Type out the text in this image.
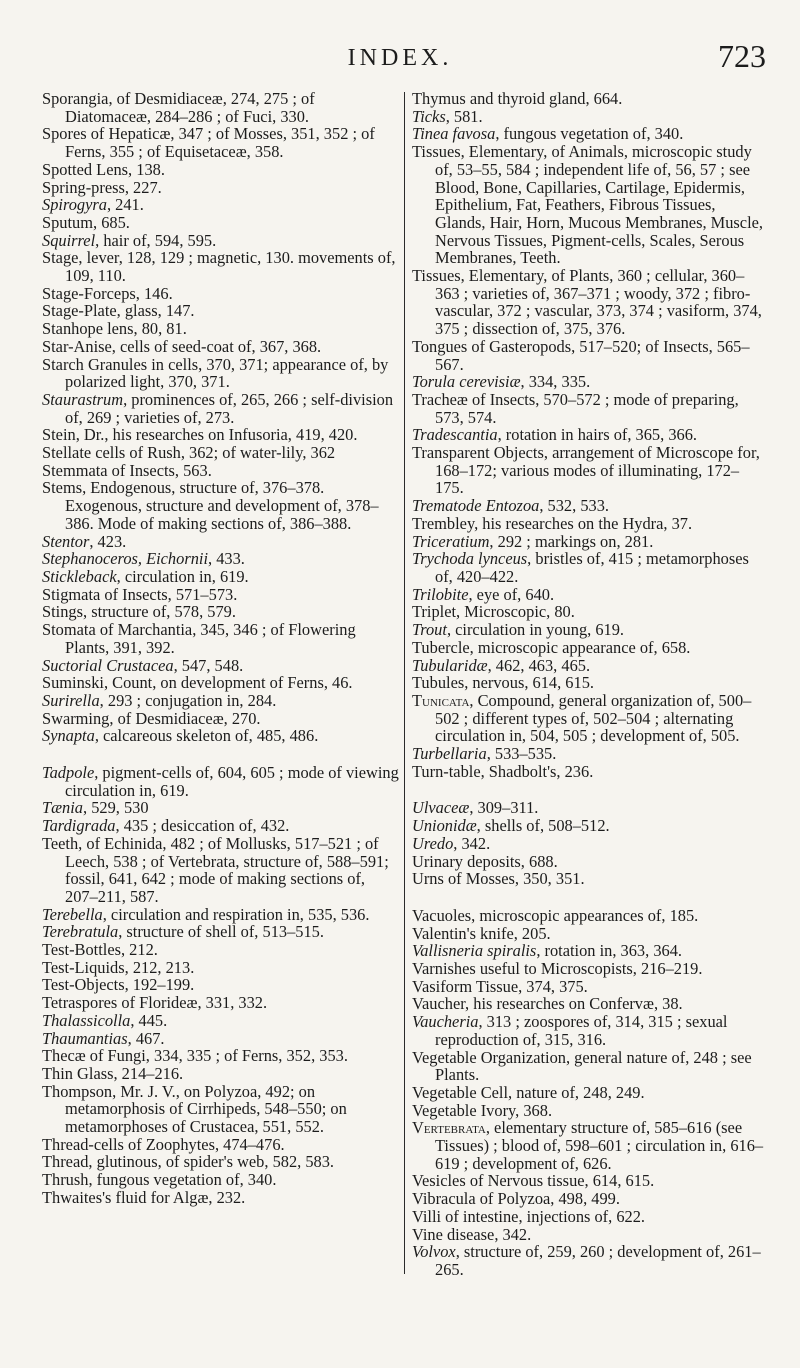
INDEX.	723
Sporangia, of Desmidiaceæ, 274, 275 ; of Diatomaceæ, 284–286 ; of Fuci, 330.
Spores of Hepaticæ, 347 ; of Mosses, 351, 352 ; of Ferns, 355 ; of Equisetaceæ, 358.
Spotted Lens, 138.
Spring-press, 227.
Spirogyra, 241.
Sputum, 685.
Squirrel, hair of, 594, 595.
Stage, lever, 128, 129 ; magnetic, 130. movements of, 109, 110.
Stage-Forceps, 146.
Stage-Plate, glass, 147.
Stanhope lens, 80, 81.
Star-Anise, cells of seed-coat of, 367, 368.
Starch Granules in cells, 370, 371; appearance of, by polarized light, 370, 371.
Staurastrum, prominences of, 265, 266 ; self-division of, 269 ; varieties of, 273.
Stein, Dr., his researches on Infusoria, 419, 420.
Stellate cells of Rush, 362; of water-lily, 362
Stemmata of Insects, 563.
Stems, Endogenous, structure of, 376–378. Exogenous, structure and development of, 378–386. Mode of making sections of, 386–388.
Stentor, 423.
Stephanoceros, Eichornii, 433.
Stickleback, circulation in, 619.
Stigmata of Insects, 571–573.
Stings, structure of, 578, 579.
Stomata of Marchantia, 345, 346 ; of Flowering Plants, 391, 392.
Suctorial Crustacea, 547, 548.
Suminski, Count, on development of Ferns, 46.
Surirella, 293 ; conjugation in, 284.
Swarming, of Desmidiaceæ, 270.
Synapta, calcareous skeleton of, 485, 486.
Tadpole, pigment-cells of, 604, 605 ; mode of viewing circulation in, 619.
Tænia, 529, 530
Tardigrada, 435 ; desiccation of, 432.
Teeth, of Echinida, 482 ; of Mollusks, 517–521 ; of Leech, 538 ; of Vertebrata, structure of, 588–591; fossil, 641, 642 ; mode of making sections of, 207–211, 587.
Terebella, circulation and respiration in, 535, 536.
Terebratula, structure of shell of, 513–515.
Test-Bottles, 212.
Test-Liquids, 212, 213.
Test-Objects, 192–199.
Tetraspores of Florideæ, 331, 332.
Thalassicolla, 445.
Thaumantias, 467.
Thecæ of Fungi, 334, 335 ; of Ferns, 352, 353.
Thin Glass, 214–216.
Thompson, Mr. J. V., on Polyzoa, 492; on metamorphosis of Cirrhipeds, 548–550; on metamorphoses of Crustacea, 551, 552.
Thread-cells of Zoophytes, 474–476.
Thread, glutinous, of spider's web, 582, 583.
Thrush, fungous vegetation of, 340.
Thwaites's fluid for Algæ, 232.
Thymus and thyroid gland, 664.
Ticks, 581.
Tinea favosa, fungous vegetation of, 340.
Tissues, Elementary, of Animals, microscopic study of, 53–55, 584 ; independent life of, 56, 57 ; see Blood, Bone, Capillaries, Cartilage, Epidermis, Epithelium, Fat, Feathers, Fibrous Tissues, Glands, Hair, Horn, Mucous Membranes, Muscle, Nervous Tissues, Pigment-cells, Scales, Serous Membranes, Teeth.
Tissues, Elementary, of Plants, 360 ; cellular, 360–363 ; varieties of, 367–371 ; woody, 372 ; fibro-vascular, 372 ; vascular, 373, 374 ; vasiform, 374, 375 ; dissection of, 375, 376.
Tongues of Gasteropods, 517–520; of Insects, 565–567.
Torula cerevisiæ, 334, 335.
Tracheæ of Insects, 570–572 ; mode of preparing, 573, 574.
Tradescantia, rotation in hairs of, 365, 366.
Transparent Objects, arrangement of Microscope for, 168–172; various modes of illuminating, 172–175.
Trematode Entozoa, 532, 533.
Trembley, his researches on the Hydra, 37.
Triceratium, 292 ; markings on, 281.
Trychoda lynceus, bristles of, 415 ; metamorphoses of, 420–422.
Trilobite, eye of, 640.
Triplet, Microscopic, 80.
Trout, circulation in young, 619.
Tubercle, microscopic appearance of, 658.
Tubularidæ, 462, 463, 465.
Tubules, nervous, 614, 615.
Tunicata, Compound, general organization of, 500–502 ; different types of, 502–504 ; alternating circulation in, 504, 505 ; development of, 505.
Turbellaria, 533–535.
Turn-table, Shadbolt's, 236.
Ulvaceæ, 309–311.
Unionidæ, shells of, 508–512.
Uredo, 342.
Urinary deposits, 688.
Urns of Mosses, 350, 351.
Vacuoles, microscopic appearances of, 185.
Valentin's knife, 205.
Vallisneria spiralis, rotation in, 363, 364.
Varnishes useful to Microscopists, 216–219.
Vasiform Tissue, 374, 375.
Vaucher, his researches on Confervæ, 38.
Vaucheria, 313 ; zoospores of, 314, 315 ; sexual reproduction of, 315, 316.
Vegetable Organization, general nature of, 248 ; see Plants.
Vegetable Cell, nature of, 248, 249.
Vegetable Ivory, 368.
Vertebrata, elementary structure of, 585–616 (see Tissues) ; blood of, 598–601 ; circulation in, 616–619 ; development of, 626.
Vesicles of Nervous tissue, 614, 615.
Vibracula of Polyzoa, 498, 499.
Villi of intestine, injections of, 622.
Vine disease, 342.
Volvox, structure of, 259, 260 ; development of, 261–265.
